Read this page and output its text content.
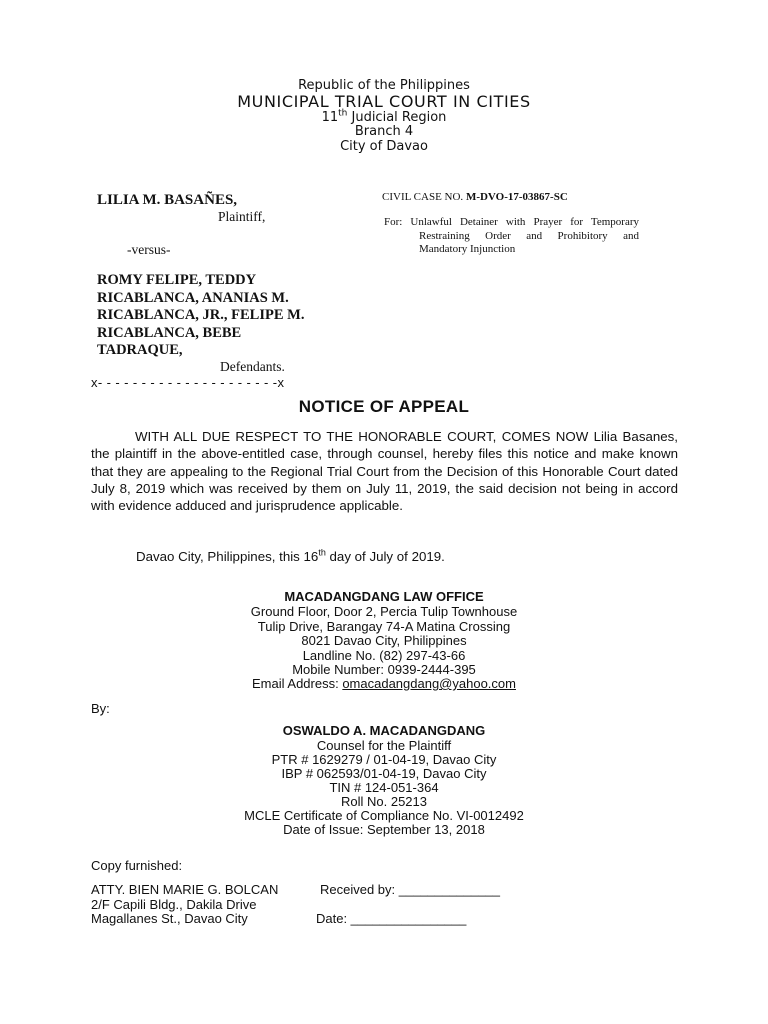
Republic of the Philippines
MUNICIPAL TRIAL COURT IN CITIES
11th Judicial Region
Branch 4
City of Davao
LILIA M. BASAÑES,
Plaintiff,
-versus-
ROMY FELIPE, TEDDY RICABLANCA, ANANIAS M. RICABLANCA, JR., FELIPE M. RICABLANCA, BEBE TADRAQUE,
Defendants.
x- - - - - - - - - - - - - - - - - - - - -x
CIVIL CASE NO. M-DVO-17-03867-SC
For: Unlawful Detainer with Prayer for Temporary
Restraining Order and Prohibitory and
Mandatory Injunction
NOTICE OF APPEAL
WITH ALL DUE RESPECT TO THE HONORABLE COURT, COMES NOW Lilia Basanes, the plaintiff in the above-entitled case, through counsel, hereby files this notice and make known that they are appealing to the Regional Trial Court from the Decision of this Honorable Court dated July 8, 2019 which was received by them on July 11, 2019, the said decision not being in accord with evidence adduced and jurisprudence applicable.
Davao City, Philippines, this 16th day of July of 2019.
MACADANGDANG LAW OFFICE
Ground Floor, Door 2, Percia Tulip Townhouse
Tulip Drive, Barangay 74-A Matina Crossing
8021 Davao City, Philippines
Landline No. (82) 297-43-66
Mobile Number: 0939-2444-395
Email Address: omacadangdang@yahoo.com
By:
OSWALDO A. MACADANGDANG
Counsel for the Plaintiff
PTR # 1629279 / 01-04-19, Davao City
IBP # 062593/01-04-19, Davao City
TIN # 124-051-364
Roll No. 25213
MCLE Certificate of Compliance No. VI-0012492
Date of Issue: September 13, 2018
Copy furnished:
ATTY. BIEN MARIE G. BOLCAN
2/F Capili Bldg., Dakila Drive
Magallanes St., Davao City
Received by: ______________
Date: ________________
